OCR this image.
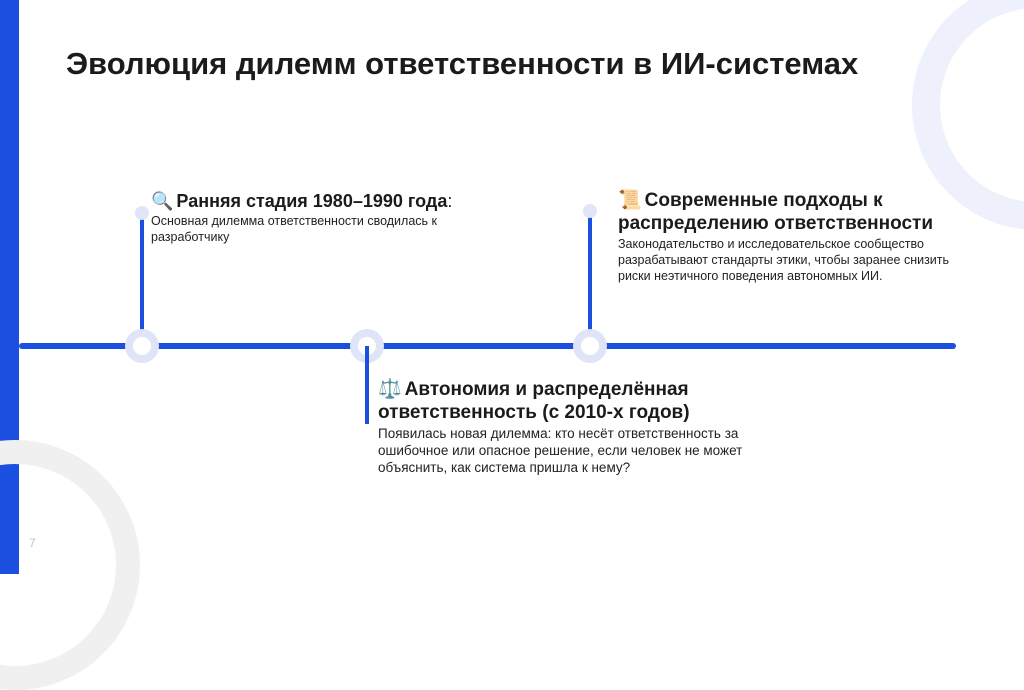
Эволюция дилемм ответственности в ИИ-системах
🔍 Ранняя стадия 1980–1990 года:
Основная дилемма ответственности сводилась к разработчику
⚖️ Автономия и распределённая ответственность (с 2010-х годов)
Появилась новая дилемма: кто несёт ответственность за ошибочное или опасное решение, если человек не может объяснить, как система пришла к нему?
📜 Современные подходы к распределению ответственности
Законодательство и исследовательское сообщество разрабатывают стандарты этики, чтобы заранее снизить риски неэтичного поведения автономных ИИ.
7
